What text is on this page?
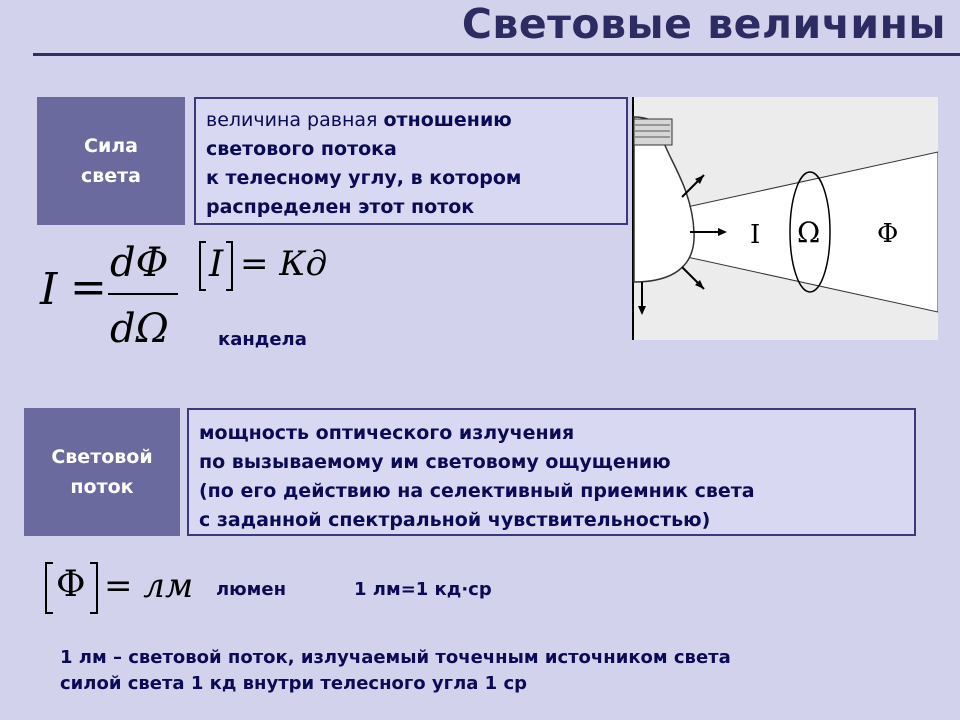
Световые величины
Сила
света
величина равная отношению
светового потока
к телесному углу, в котором
распределен этот поток
I = dΦ
dΩ
I = Кд
кандела
I Ω Φ
Световой
поток
мощность оптического излучения
по вызываемому им световому ощущению
(по его действию на селективный приемник света
с заданной спектральной чувствительностью)
Φ = лм люмен	1 лм=1 кд·ср
1 лм – световой поток, излучаемый точечным источником света
силой света 1 кд внутри телесного угла 1 ср
